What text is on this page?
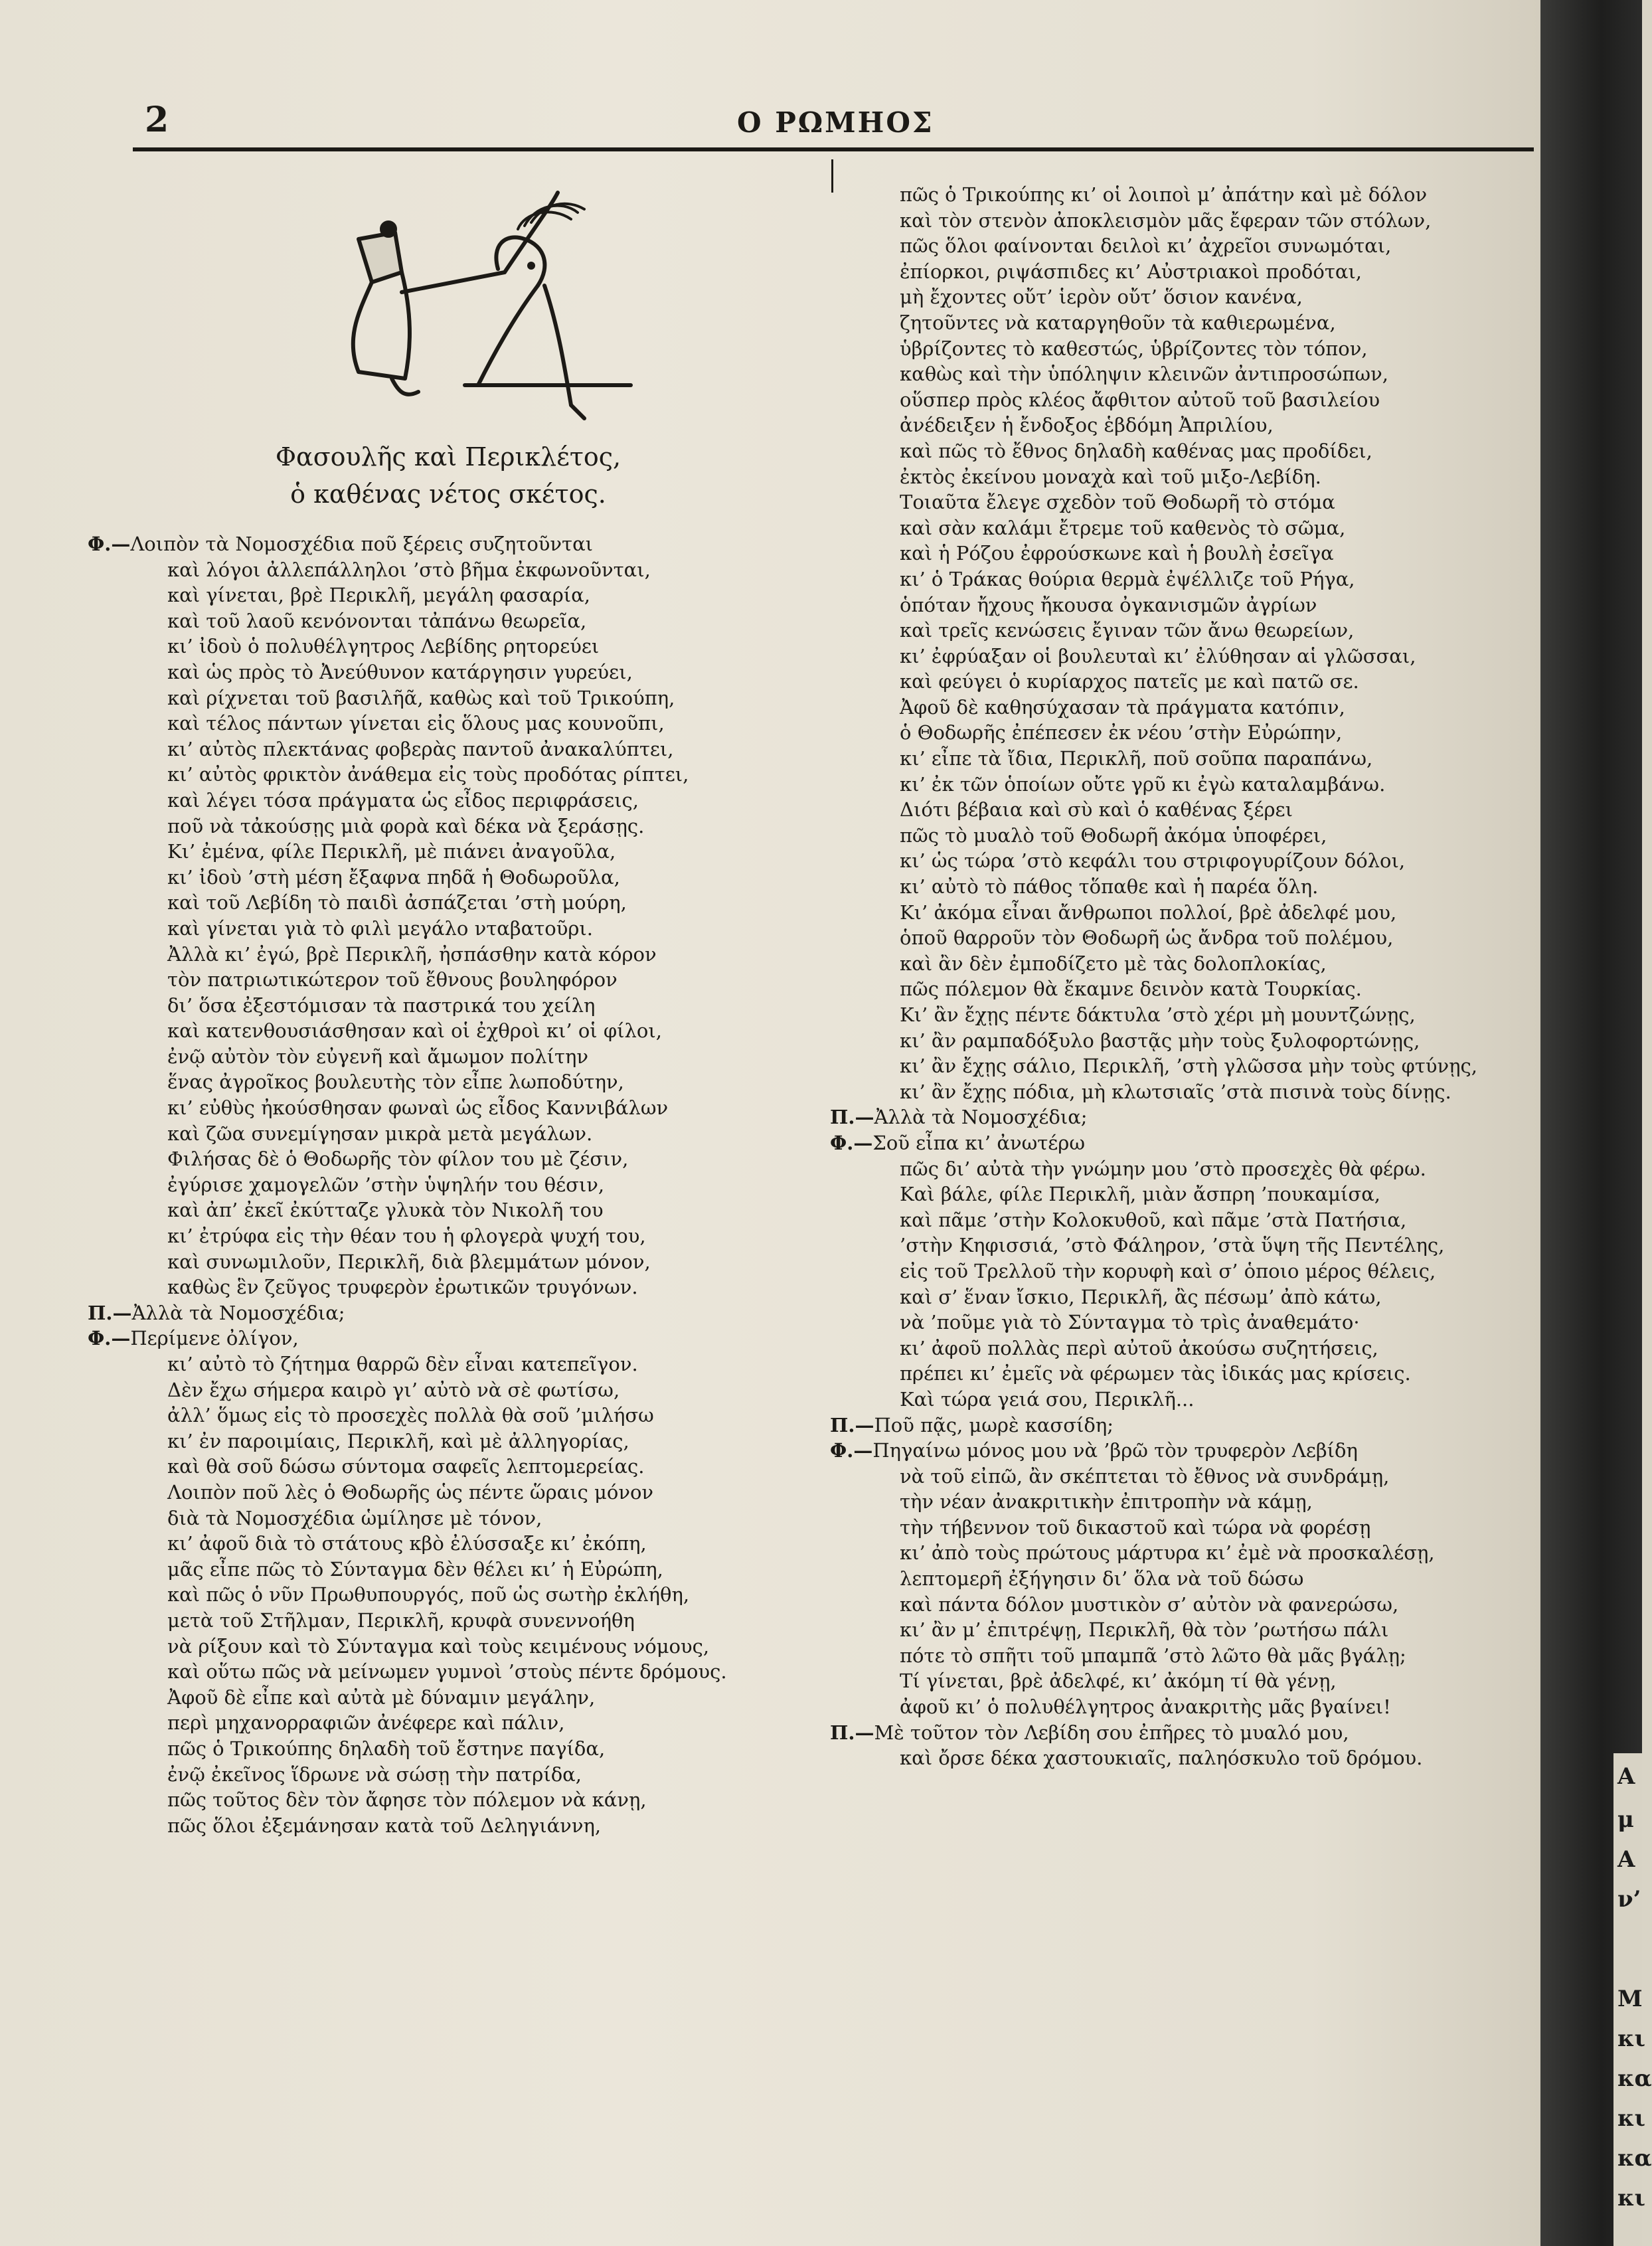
Α
μ
Α
ν’
Μ
κι
κα
κι
κα
κι
2	Ο ΡΩΜΗΟΣ
Φασουλῆς καὶ Περικλέτος,
ὁ καθένας νέτος σκέτος.
Φ.—Λοιπὸν τὰ Νομοσχέδια ποῦ ξέρεις συζητοῦνται
καὶ λόγοι ἀλλεπάλληλοι ’στὸ βῆμα ἐκφωνοῦνται,
καὶ γίνεται, βρὲ Περικλῆ, μεγάλη φασαρία,
καὶ τοῦ λαοῦ κενόνονται τἀπάνω θεωρεῖα,
κι’ ἰδοὺ ὁ πολυθέλγητρος Λεβίδης ρητορεύει
καὶ ὡς πρὸς τὸ Ἀνεύθυνον κατάργησιν γυρεύει,
καὶ ρίχνεται τοῦ βασιλῆᾶ, καθὼς καὶ τοῦ Τρικούπη,
καὶ τέλος πάντων γίνεται εἰς ὅλους μας κουνοῦπι,
κι’ αὐτὸς πλεκτάνας φοβερὰς παντοῦ ἀνακαλύπτει,
κι’ αὐτὸς φρικτὸν ἀνάθεμα εἰς τοὺς προδότας ρίπτει,
καὶ λέγει τόσα πράγματα ὡς εἶδος περιφράσεις,
ποῦ νὰ τἀκούσῃς μιὰ φορὰ καὶ δέκα νὰ ξεράσῃς.
Κι’ ἐμένα, φίλε Περικλῆ, μὲ πιάνει ἀναγοῦλα,
κι’ ἰδοὺ ’στὴ μέση ἔξαφνα πηδᾶ ἡ Θοδωροῦλα,
καὶ τοῦ Λεβίδη τὸ παιδὶ ἀσπάζεται ’στὴ μούρη,
καὶ γίνεται γιὰ τὸ φιλὶ μεγάλο νταβατοῦρι.
Ἀλλὰ κι’ ἐγώ, βρὲ Περικλῆ, ἠσπάσθην κατὰ κόρον
τὸν πατριωτικώτερον τοῦ ἔθνους βουληφόρον
δι’ ὅσα ἐξεστόμισαν τὰ παστρικά του χείλη
καὶ κατενθουσιάσθησαν καὶ οἱ ἐχθροὶ κι’ οἱ φίλοι,
ἐνῷ αὐτὸν τὸν εὐγενῆ καὶ ἄμωμον πολίτην
ἕνας ἀγροῖκος βουλευτὴς τὸν εἶπε λωποδύτην,
κι’ εὐθὺς ἠκούσθησαν φωναὶ ὡς εἶδος Καννιβάλων
καὶ ζῶα συνεμίγησαν μικρὰ μετὰ μεγάλων.
Φιλήσας δὲ ὁ Θοδωρῆς τὸν φίλον του μὲ ζέσιν,
ἐγύρισε χαμογελῶν ’στὴν ὑψηλήν του θέσιν,
καὶ ἀπ’ ἐκεῖ ἐκύτταζε γλυκὰ τὸν Νικολῆ του
κι’ ἐτρύφα εἰς τὴν θέαν του ἡ φλογερὰ ψυχή του,
καὶ συνωμιλοῦν, Περικλῆ, διὰ βλεμμάτων μόνον,
καθὼς ἓν ζεῦγος τρυφερὸν ἐρωτικῶν τρυγόνων.
Π.—Ἀλλὰ τὰ Νομοσχέδια;
Φ.—Περίμενε ὀλίγον,
κι’ αὐτὸ τὸ ζήτημα θαρρῶ δὲν εἶναι κατεπεῖγον.
Δὲν ἔχω σήμερα καιρὸ γι’ αὐτὸ νὰ σὲ φωτίσω,
ἀλλ’ ὅμως εἰς τὸ προσεχὲς πολλὰ θὰ σοῦ ’μιλήσω
κι’ ἐν παροιμίαις, Περικλῆ, καὶ μὲ ἀλληγορίας,
καὶ θὰ σοῦ δώσω σύντομα σαφεῖς λεπτομερείας.
Λοιπὸν ποῦ λὲς ὁ Θοδωρῆς ὡς πέντε ὥραις μόνον
διὰ τὰ Νομοσχέδια ὡμίλησε μὲ τόνον,
κι’ ἀφοῦ διὰ τὸ στάτους κβὸ ἐλύσσαξε κι’ ἐκόπη,
μᾶς εἶπε πῶς τὸ Σύνταγμα δὲν θέλει κι’ ἡ Εὐρώπη,
καὶ πῶς ὁ νῦν Πρωθυπουργός, ποῦ ὡς σωτὴρ ἐκλήθη,
μετὰ τοῦ Στῆλμαν, Περικλῆ, κρυφὰ συνεννοήθη
νὰ ρίξουν καὶ τὸ Σύνταγμα καὶ τοὺς κειμένους νόμους,
καὶ οὕτω πῶς νὰ μείνωμεν γυμνοὶ ’στοὺς πέντε δρόμους.
Ἀφοῦ δὲ εἶπε καὶ αὐτὰ μὲ δύναμιν μεγάλην,
περὶ μηχανορραφιῶν ἀνέφερε καὶ πάλιν,
πῶς ὁ Τρικούπης δηλαδὴ τοῦ ἔστηνε παγίδα,
ἐνῷ ἐκεῖνος ἵδρωνε νὰ σώσῃ τὴν πατρίδα,
πῶς τοῦτος δὲν τὸν ἄφησε τὸν πόλεμον νὰ κάνῃ,
πῶς ὅλοι ἐξεμάνησαν κατὰ τοῦ Δεληγιάννη,
πῶς ὁ Τρικούπης κι’ οἱ λοιποὶ μ’ ἀπάτην καὶ μὲ δόλον
καὶ τὸν στενὸν ἀποκλεισμὸν μᾶς ἔφεραν τῶν στόλων,
πῶς ὅλοι φαίνονται δειλοὶ κι’ ἀχρεῖοι συνωμόται,
ἐπίορκοι, ριψάσπιδες κι’ Αὐστριακοὶ προδόται,
μὴ ἔχοντες οὔτ’ ἱερὸν οὔτ’ ὅσιον κανένα,
ζητοῦντες νὰ καταργηθοῦν τὰ καθιερωμένα,
ὑβρίζοντες τὸ καθεστώς, ὑβρίζοντες τὸν τόπον,
καθὼς καὶ τὴν ὑπόληψιν κλεινῶν ἀντιπροσώπων,
οὕσπερ πρὸς κλέος ἄφθιτον αὐτοῦ τοῦ βασιλείου
ἀνέδειξεν ἡ ἔνδοξος ἑβδόμη Ἀπριλίου,
καὶ πῶς τὸ ἔθνος δηλαδὴ καθένας μας προδίδει,
ἐκτὸς ἐκείνου μοναχὰ καὶ τοῦ μιξο-Λεβίδη.
Τοιαῦτα ἔλεγε σχεδὸν τοῦ Θοδωρῆ τὸ στόμα
καὶ σὰν καλάμι ἔτρεμε τοῦ καθενὸς τὸ σῶμα,
καὶ ἡ Ρόζου ἐφρούσκωνε καὶ ἡ βουλὴ ἐσεῖγα
κι’ ὁ Τράκας θούρια θερμὰ ἐψέλλιζε τοῦ Ρήγα,
ὁπόταν ἤχους ἤκουσα ὀγκανισμῶν ἀγρίων
καὶ τρεῖς κενώσεις ἔγιναν τῶν ἄνω θεωρείων,
κι’ ἐφρύαξαν οἱ βουλευταὶ κι’ ἐλύθησαν αἱ γλῶσσαι,
καὶ φεύγει ὁ κυρίαρχος πατεῖς με καὶ πατῶ σε.
Ἀφοῦ δὲ καθησύχασαν τὰ πράγματα κατόπιν,
ὁ Θοδωρῆς ἐπέπεσεν ἐκ νέου ’στὴν Εὐρώπην,
κι’ εἶπε τὰ ἴδια, Περικλῆ, ποῦ σοῦπα παραπάνω,
κι’ ἐκ τῶν ὁποίων οὔτε γρῦ κι ἐγὼ καταλαμβάνω.
Διότι βέβαια καὶ σὺ καὶ ὁ καθένας ξέρει
πῶς τὸ μυαλὸ τοῦ Θοδωρῆ ἀκόμα ὑποφέρει,
κι’ ὡς τώρα ’στὸ κεφάλι του στριφογυρίζουν δόλοι,
κι’ αὐτὸ τὸ πάθος τὅπαθε καὶ ἡ παρέα ὅλη.
Κι’ ἀκόμα εἶναι ἄνθρωποι πολλοί, βρὲ ἀδελφέ μου,
ὁποῦ θαρροῦν τὸν Θοδωρῆ ὡς ἄνδρα τοῦ πολέμου,
καὶ ἂν δὲν ἐμποδίζετο μὲ τὰς δολοπλοκίας,
πῶς πόλεμον θὰ ἔκαμνε δεινὸν κατὰ Τουρκίας.
Κι’ ἂν ἔχῃς πέντε δάκτυλα ’στὸ χέρι μὴ μουντζώνῃς,
κι’ ἂν ραμπαδόξυλο βαστᾷς μὴν τοὺς ξυλοφορτώνῃς,
κι’ ἂν ἔχῃς σάλιο, Περικλῆ, ’στὴ γλῶσσα μὴν τοὺς φτύνῃς,
κι’ ἂν ἔχῃς πόδια, μὴ κλωτσιαῖς ’στὰ πισινὰ τοὺς δίνῃς.
Π.—Ἀλλὰ τὰ Νομοσχέδια;
Φ.—Σοῦ εἶπα κι’ ἀνωτέρω
πῶς δι’ αὐτὰ τὴν γνώμην μου ’στὸ προσεχὲς θὰ φέρω.
Καὶ βάλε, φίλε Περικλῆ, μιὰν ἄσπρη ’πουκαμίσα,
καὶ πᾶμε ’στὴν Κολοκυθοῦ, καὶ πᾶμε ’στὰ Πατήσια,
’στὴν Κηφισσιά, ’στὸ Φάληρον, ’στὰ ὕψη τῆς Πεντέλης,
εἰς τοῦ Τρελλοῦ τὴν κορυφὴ καὶ σ’ ὁποιο μέρος θέλεις,
καὶ σ’ ἕναν ἴσκιο, Περικλῆ, ἂς πέσωμ’ ἀπὸ κάτω,
νὰ ’ποῦμε γιὰ τὸ Σύνταγμα τὸ τρὶς ἀναθεμάτο·
κι’ ἀφοῦ πολλὰς περὶ αὐτοῦ ἀκούσω συζητήσεις,
πρέπει κι’ ἐμεῖς νὰ φέρωμεν τὰς ἰδικάς μας κρίσεις.
Καὶ τώρα γειά σου, Περικλῆ...
Π.—Ποῦ πᾷς, μωρὲ κασσίδη;
Φ.—Πηγαίνω μόνος μου νὰ ’βρῶ τὸν τρυφερὸν Λεβίδη
νὰ τοῦ εἰπῶ, ἂν σκέπτεται τὸ ἔθνος νὰ συνδράμῃ,
τὴν νέαν ἀνακριτικὴν ἐπιτροπὴν νὰ κάμῃ,
τὴν τήβεννον τοῦ δικαστοῦ καὶ τώρα νὰ φορέσῃ
κι’ ἀπὸ τοὺς πρώτους μάρτυρα κι’ ἐμὲ νὰ προσκαλέσῃ,
λεπτομερῆ ἐξήγησιν δι’ ὅλα νὰ τοῦ δώσω
καὶ πάντα δόλον μυστικὸν σ’ αὐτὸν νὰ φανερώσω,
κι’ ἂν μ’ ἐπιτρέψῃ, Περικλῆ, θὰ τὸν ’ρωτήσω πάλι
πότε τὸ σπῆτι τοῦ μπαμπᾶ ’στὸ λῶτο θὰ μᾶς βγάλῃ;
Τί γίνεται, βρὲ ἀδελφέ, κι’ ἀκόμη τί θὰ γένῃ,
ἀφοῦ κι’ ὁ πολυθέλγητρος ἀνακριτὴς μᾶς βγαίνει!
Π.—Μὲ τοῦτον τὸν Λεβίδη σου ἐπῆρες τὸ μυαλό μου,
καὶ ὄρσε δέκα χαστουκιαῖς, παληόσκυλο τοῦ δρόμου.
